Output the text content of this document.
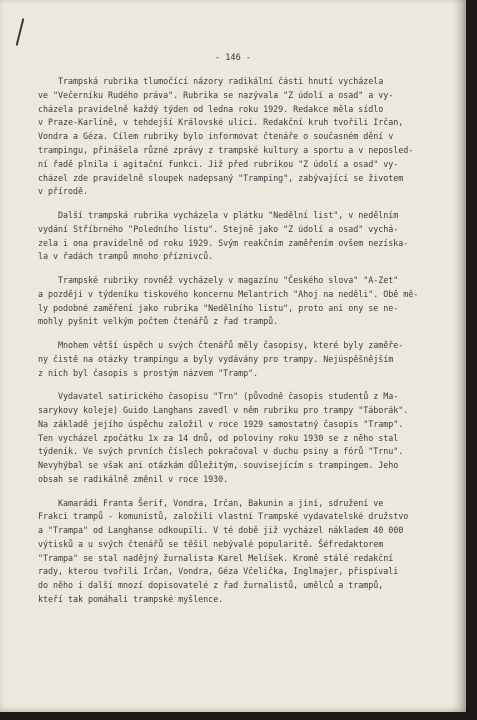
- 146 -
Trampská rubrika tlumočící názory radikální části hnutí vycházela
ve "Večerníku Rudého práva". Rubrika se nazývala "Z údolí a osad" a vy-
cházela pravidelně každý týden od ledna roku 1929. Redakce měla sídlo
v Praze-Karlíně, v tehdejší Královské ulici. Redakční kruh tvořili Irčan,
Vondra a Géza. Cílem rubriky bylo informovat čtenáře o současném dění v
trampingu, přinášela různé zprávy z trampské kultury a sportu a v neposled-
ní řadě plnila i agitační funkci. Již před rubrikou "Z údolí a osad" vy-
cházel zde pravidelně sloupek nadepsaný "Tramping", zabývající se životem
v přírodě.
Další trampská rubrika vycházela v plátku "Nedělní list", v nedělním
vydání Stříbrného "Poledního listu". Stejně jako "Z údolí a osad" vychá-
zela i ona pravidelně od roku 1929. Svým reakčním zaměřením ovšem nezíska-
la v řadách trampů mnoho příznivců.
Trampské rubriky rovněž vycházely v magazínu "Českého slova" "A-Zet"
a později v týdeníku tiskového koncernu Melantrich "Ahoj na neděli". Obě mě-
ly podobné zaměření jako rubrika "Nedělního listu", proto ani ony se ne-
mohly pyšnit velkým počtem čtenářů z řad trampů.
Mnohem větší úspěch u svých čtenářů měly časopisy, které byly zaměře-
ny čistě na otázky trampingu a byly vydávány pro trampy. Nejúspěšnějším
z nich byl časopis s prostým názvem "Tramp".
Vydavatel satirického časopisu "Trn" (původně časopis studentů z Ma-
sarykovy koleje) Guido Langhans zavedl v něm rubriku pro trampy "Táborák".
Na základě jejího úspěchu založil v roce 1929 samostatný časopis "Tramp".
Ten vycházel zpočátku 1x za 14 dnů, od poloviny roku 1930 se z něho stal
týdeník. Ve svých prvních číslech pokračoval v duchu psiny a fórů "Trnu".
Nevyhýbal se však ani otázkám důležitým, souvisejícím s trampingem. Jeho
obsah se radikálně změnil v roce 1930.
Kamarádi Franta Šerif, Vondra, Irčan, Bakunin a jiní, sdružení ve
Frakci trampů - komunistů, založili vlastní Trampské vydavatelské družstvo
a "Trampa" od Langhanse odkoupili. V té době již vycházel nákladem 40 000
výtisků a u svých čtenářů se těšil nebývalé popularitě. Šéfredaktorem
"Trampa" se stal nadějný žurnalista Karel Melíšek. Kromě stálé redakční
rady, kterou tvořili Irčan, Vondra, Géza Včelička, Inglmajer, přispívali
do něho i další mnozí dopisovatelé z řad žurnalistů, umělců a trampů,
kteří tak pomáhali trampské myšlence.
